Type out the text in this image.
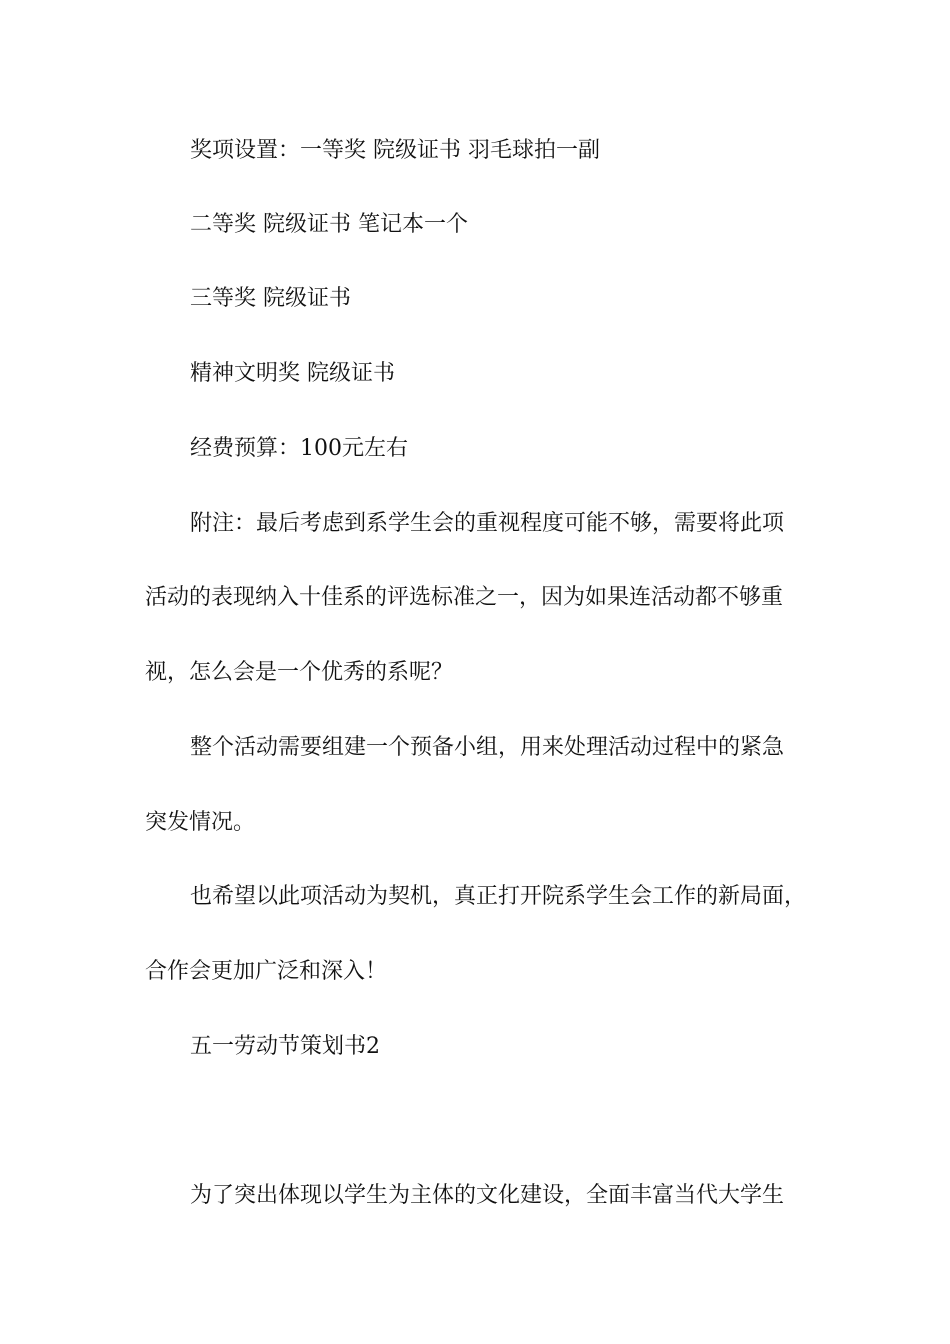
奖项设置：一等奖 院级证书 羽毛球拍一副

二等奖 院级证书 笔记本一个

三等奖 院级证书

精神文明奖 院级证书

经费预算：100元左右

附注：最后考虑到系学生会的重视程度可能不够，需要将此项

活动的表现纳入十佳系的评选标准之一，因为如果连活动都不够重

视，怎么会是一个优秀的系呢？

整个活动需要组建一个预备小组，用来处理活动过程中的紧急

突发情况。

也希望以此项活动为契机，真正打开院系学生会工作的新局面，

合作会更加广泛和深入！

五一劳动节策划书2

为了突出体现以学生为主体的文化建设，全面丰富当代大学生
